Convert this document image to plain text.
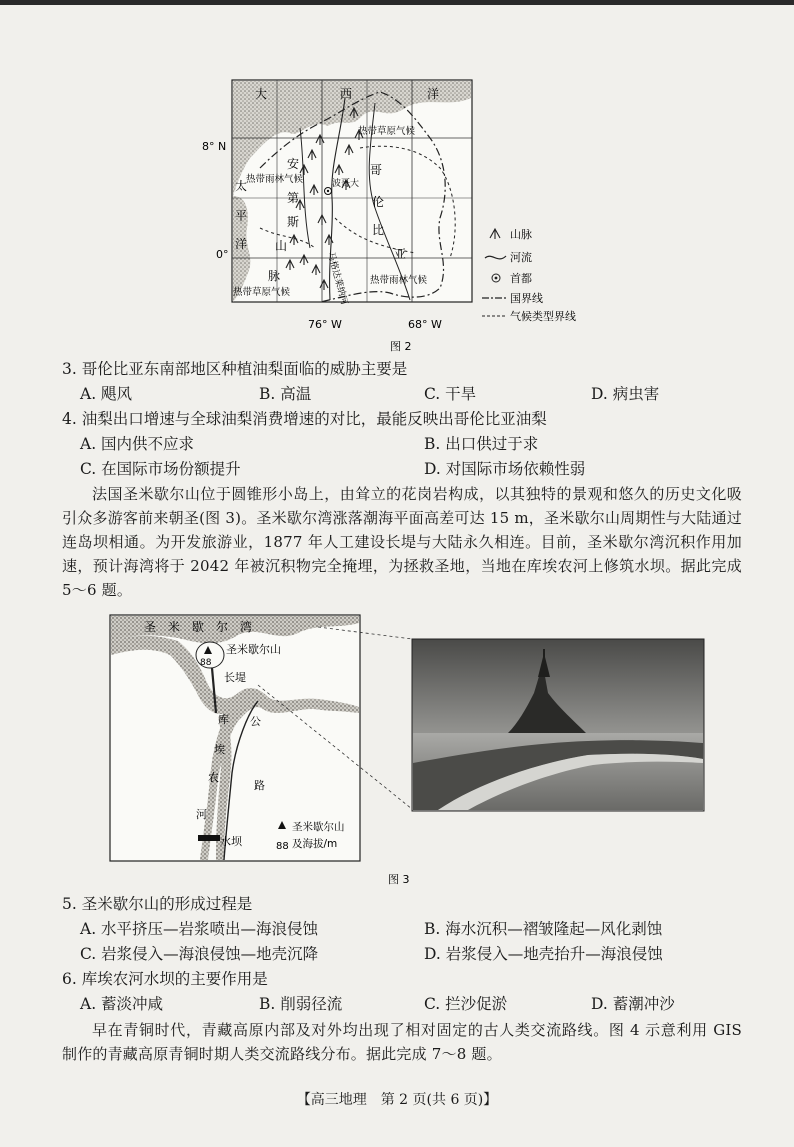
8° N
0°
76° W	68° W
大	西	洋
太
平
洋
安
第
斯
山
脉
哥
伦
比
亚
波哥大
马格达莱纳河
热带草原气候
热带雨林气候
热带草原气候
热带雨林气候
山脉
河流
首都
国界线
气候类型界线
图 2
3. 哥伦比亚东南部地区种植油梨面临的威胁主要是
A. 飓风	B. 高温	C. 干旱	D. 病虫害
4. 油梨出口增速与全球油梨消费增速的对比，最能反映出哥伦比亚油梨
A. 国内供不应求	B. 出口供过于求
C. 在国际市场份额提升	D. 对国际市场依赖性弱
法国圣米歇尔山位于圆锥形小岛上，由耸立的花岗岩构成，以其独特的景观和悠久的历史文化吸引众多游客前来朝圣(图 3)。圣米歇尔湾涨落潮海平面高差可达 15 m，圣米歇尔山周期性与大陆通过连岛坝相通。为开发旅游业，1877 年人工建设长堤与大陆永久相连。目前，圣米歇尔湾沉积作用加速，预计海湾将于 2042 年被沉积物完全掩埋，为拯救圣地，当地在库埃农河上修筑水坝。据此完成5～6 题。
88
圣　米　歇　尔　湾
圣米歇尔山
长堤
库
埃
农
河
公
路
水坝	88
圣米歇尔山
及海拔/m
图 3
5. 圣米歇尔山的形成过程是
A. 水平挤压—岩浆喷出—海浪侵蚀	B. 海水沉积—褶皱隆起—风化剥蚀
C. 岩浆侵入—海浪侵蚀—地壳沉降	D. 岩浆侵入—地壳抬升—海浪侵蚀
6. 库埃农河水坝的主要作用是
A. 蓄淡冲咸	B. 削弱径流	C. 拦沙促淤	D. 蓄潮冲沙
早在青铜时代，青藏高原内部及对外均出现了相对固定的古人类交流路线。图 4 示意利用 GIS 制作的青藏高原青铜时期人类交流路线分布。据此完成 7～8 题。
【高三地理　第 2 页(共 6 页)】
